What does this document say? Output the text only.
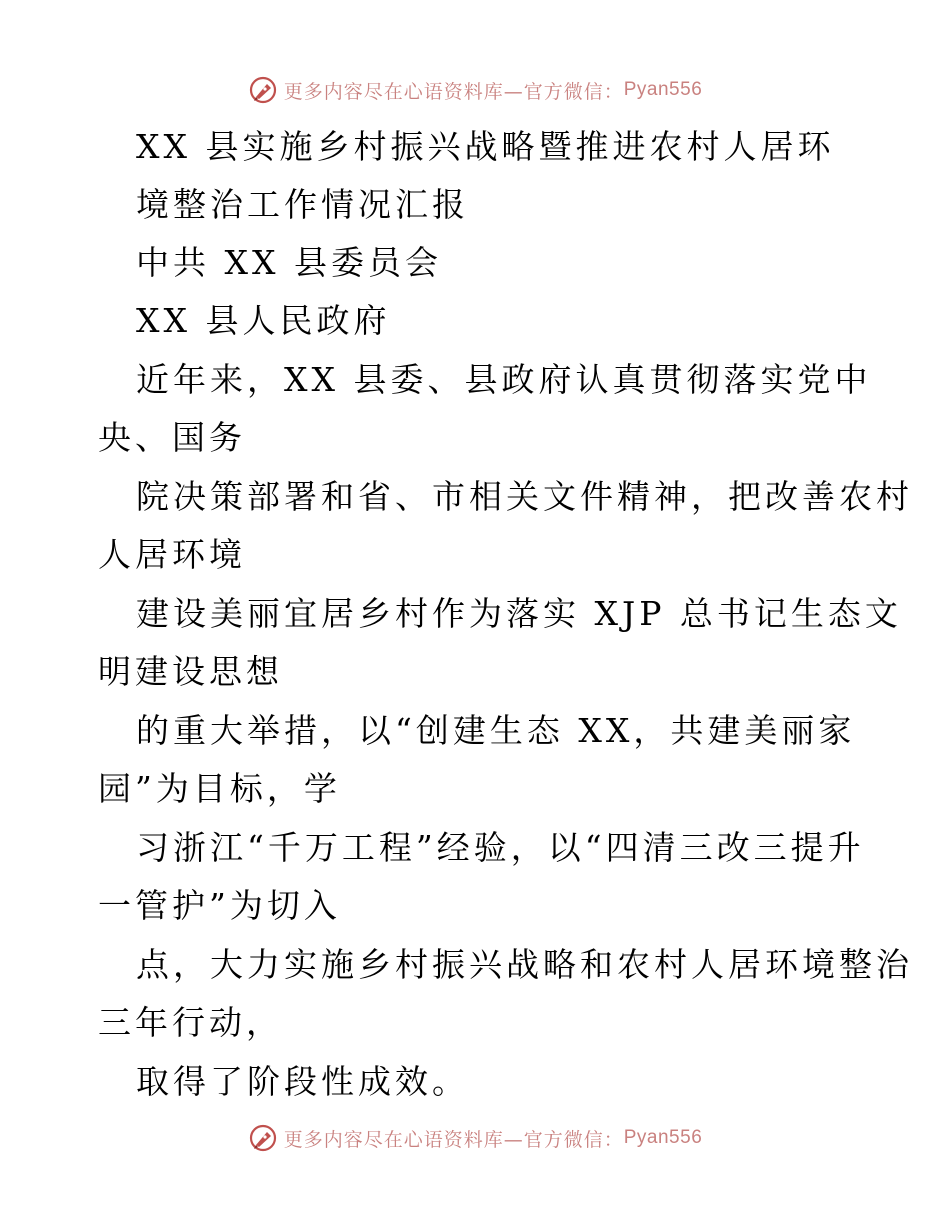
更多内容尽在心语资料库—官方微信： Pyan556
XX 县实施乡村振兴战略暨推进农村人居环
境整治工作情况汇报
中共 XX 县委员会
XX 县人民政府
近年来，XX 县委、县政府认真贯彻落实党中
央、国务
院决策部署和省、市相关文件精神，把改善农村
人居环境
建设美丽宜居乡村作为落实 XJP 总书记生态文
明建设思想
的重大举措，以“创建生态 XX，共建美丽家
园”为目标，学
习浙江“千万工程”经验，以“四清三改三提升
一管护”为切入
点，大力实施乡村振兴战略和农村人居环境整治
三年行动，
取得了阶段性成效。
更多内容尽在心语资料库—官方微信： Pyan556
